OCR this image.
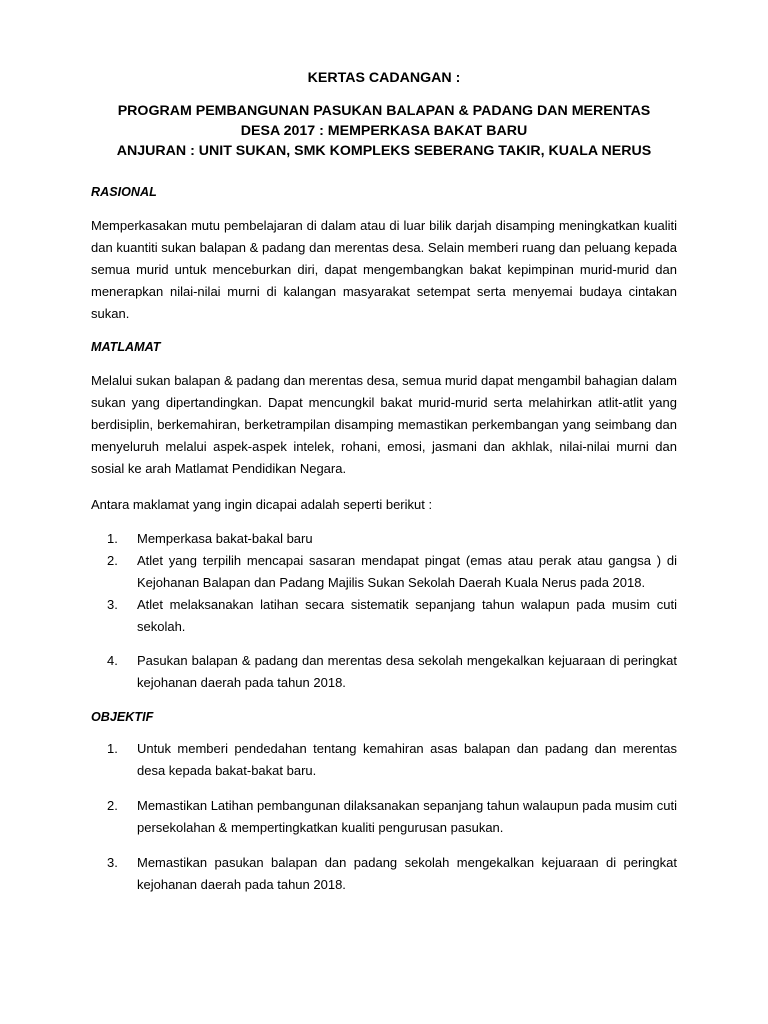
KERTAS CADANGAN :
PROGRAM PEMBANGUNAN PASUKAN BALAPAN & PADANG DAN MERENTAS
DESA 2017 : MEMPERKASA BAKAT BARU
ANJURAN : UNIT SUKAN, SMK KOMPLEKS SEBERANG TAKIR, KUALA NERUS

RASIONAL

Memperkasakan mutu pembelajaran di dalam atau di luar bilik darjah disamping meningkatkan kualiti dan kuantiti sukan balapan & padang dan merentas desa. Selain memberi ruang dan peluang kepada semua murid untuk menceburkan diri, dapat mengembangkan bakat kepimpinan murid-murid dan menerapkan nilai-nilai murni di kalangan masyarakat setempat serta menyemai budaya cintakan sukan.

MATLAMAT

Melalui sukan balapan & padang dan merentas desa, semua murid dapat mengambil bahagian dalam sukan yang dipertandingkan. Dapat mencungkil bakat murid-murid serta melahirkan atlit-atlit yang berdisiplin, berkemahiran, berketrampilan disamping memastikan perkembangan yang seimbang dan menyeluruh melalui aspek-aspek intelek, rohani, emosi, jasmani dan akhlak, nilai-nilai murni dan sosial ke arah Matlamat Pendidikan Negara.

Antara maklamat yang ingin dicapai adalah seperti berikut :

1.	Memperkasa bakat-bakal baru
2.	Atlet yang terpilih mencapai sasaran mendapat pingat (emas atau perak atau gangsa ) di Kejohanan Balapan dan Padang Majilis Sukan Sekolah Daerah Kuala Nerus pada 2018.
3.	Atlet melaksanakan latihan secara sistematik sepanjang tahun walapun pada musim cuti sekolah.
4.	Pasukan balapan & padang dan merentas desa sekolah mengekalkan kejuaraan di peringkat kejohanan daerah pada tahun 2018.

OBJEKTIF

1.	Untuk memberi pendedahan tentang kemahiran asas balapan dan padang dan merentas desa kepada bakat-bakat baru.
2.	Memastikan Latihan pembangunan dilaksanakan sepanjang tahun walaupun pada musim cuti persekolahan & mempertingkatkan kualiti pengurusan pasukan.
3.	Memastikan pasukan balapan dan padang sekolah mengekalkan kejuaraan di peringkat kejohanan daerah pada tahun 2018.
